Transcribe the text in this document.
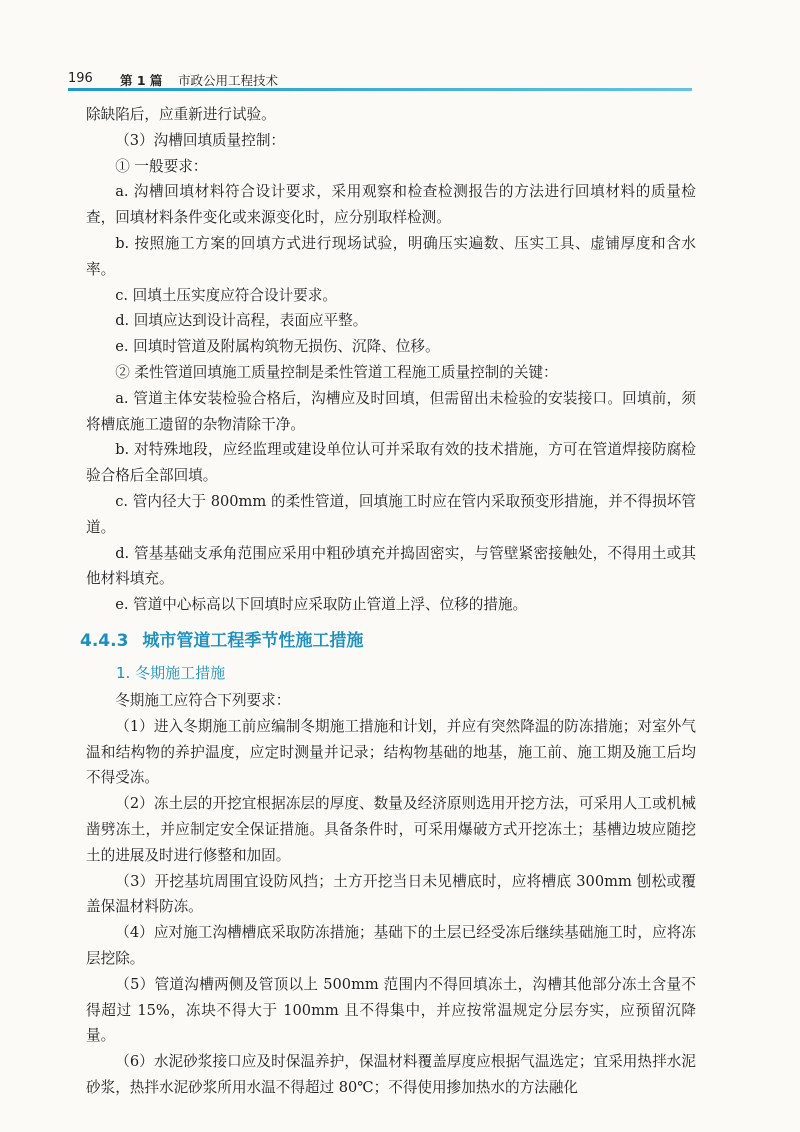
196 第 1 篇 市政公用工程技术

除缺陷后，应重新进行试验。

（3）沟槽回填质量控制：

① 一般要求：

a. 沟槽回填材料符合设计要求，采用观察和检查检测报告的方法进行回填材料的质量检查，回填材料条件变化或来源变化时，应分别取样检测。

b. 按照施工方案的回填方式进行现场试验，明确压实遍数、压实工具、虚铺厚度和含水率。

c. 回填土压实度应符合设计要求。

d. 回填应达到设计高程，表面应平整。

e. 回填时管道及附属构筑物无损伤、沉降、位移。

② 柔性管道回填施工质量控制是柔性管道工程施工质量控制的关键：

a. 管道主体安装检验合格后，沟槽应及时回填，但需留出未检验的安装接口。回填前，须将槽底施工遗留的杂物清除干净。

b. 对特殊地段，应经监理或建设单位认可并采取有效的技术措施，方可在管道焊接防腐检验合格后全部回填。

c. 管内径大于 800mm 的柔性管道，回填施工时应在管内采取预变形措施，并不得损坏管道。

d. 管基基础支承角范围应采用中粗砂填充并捣固密实，与管壁紧密接触处，不得用土或其他材料填充。

e. 管道中心标高以下回填时应采取防止管道上浮、位移的措施。

4.4.3 城市管道工程季节性施工措施
1. 冬期施工措施

冬期施工应符合下列要求：

（1）进入冬期施工前应编制冬期施工措施和计划，并应有突然降温的防冻措施；对室外气温和结构物的养护温度，应定时测量并记录；结构物基础的地基，施工前、施工期及施工后均不得受冻。

（2）冻土层的开挖宜根据冻层的厚度、数量及经济原则选用开挖方法，可采用人工或机械凿劈冻土，并应制定安全保证措施。具备条件时，可采用爆破方式开挖冻土；基槽边坡应随挖土的进展及时进行修整和加固。

（3）开挖基坑周围宜设防风挡；土方开挖当日未见槽底时，应将槽底 300mm 刨松或覆盖保温材料防冻。

（4）应对施工沟槽槽底采取防冻措施；基础下的土层已经受冻后继续基础施工时，应将冻层挖除。

（5）管道沟槽两侧及管顶以上 500mm 范围内不得回填冻土，沟槽其他部分冻土含量不得超过 15%，冻块不得大于 100mm 且不得集中，并应按常温规定分层夯实，应预留沉降量。

（6）水泥砂浆接口应及时保温养护，保温材料覆盖厚度应根据气温选定；宜采用热拌水泥砂浆，热拌水泥砂浆所用水温不得超过 80℃；不得使用掺加热水的方法融化
